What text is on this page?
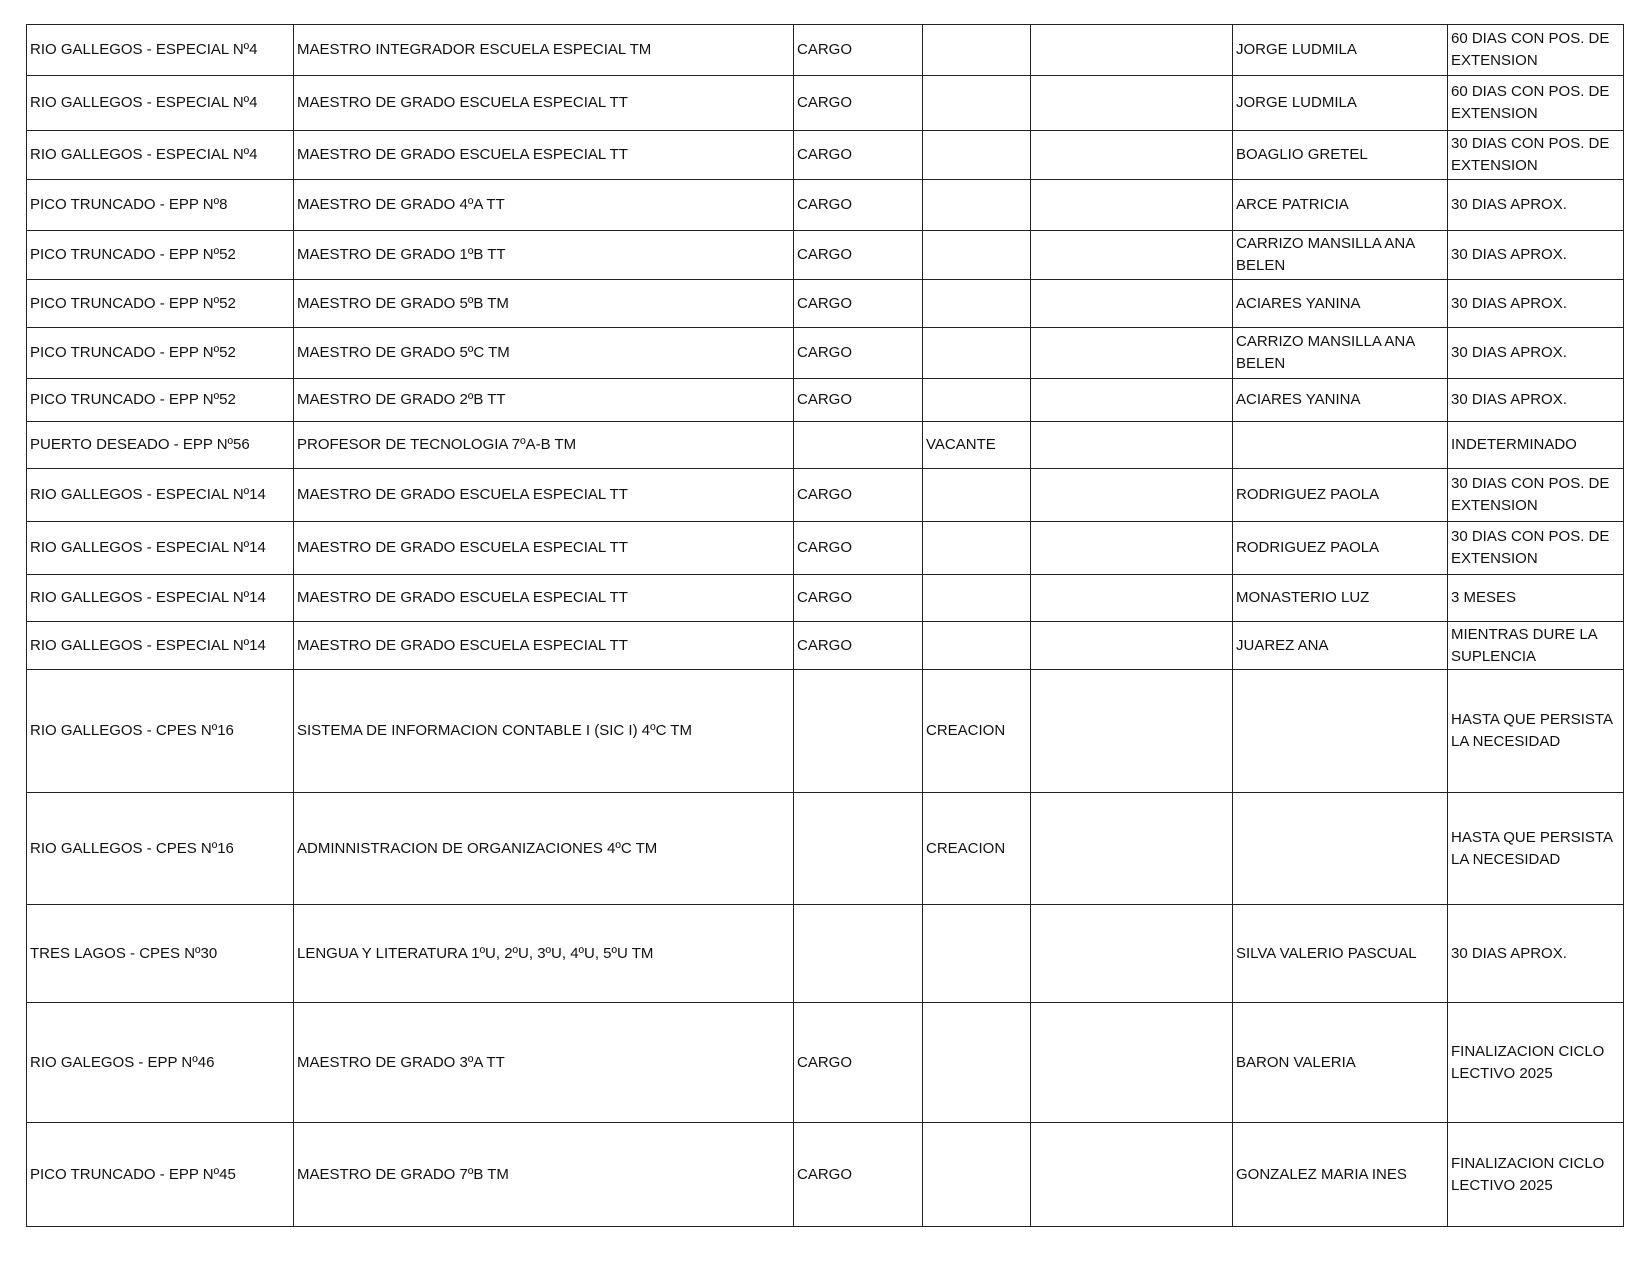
RIO GALLEGOS - ESPECIAL Nº4	MAESTRO INTEGRADOR ESCUELA ESPECIAL TM	CARGO			JORGE LUDMILA	60 DIAS CON POS. DE EXTENSION
RIO GALLEGOS - ESPECIAL Nº4	MAESTRO DE GRADO ESCUELA ESPECIAL TT	CARGO			JORGE LUDMILA	60 DIAS CON POS. DE EXTENSION
RIO GALLEGOS - ESPECIAL Nº4	MAESTRO DE GRADO ESCUELA ESPECIAL TT	CARGO			BOAGLIO GRETEL	30 DIAS CON POS. DE EXTENSION
PICO TRUNCADO - EPP Nº8	MAESTRO DE GRADO 4ºA TT	CARGO			ARCE PATRICIA	30 DIAS APROX.
PICO TRUNCADO - EPP Nº52	MAESTRO DE GRADO 1ºB TT	CARGO			CARRIZO MANSILLA ANA BELEN	30 DIAS APROX.
PICO TRUNCADO - EPP Nº52	MAESTRO DE GRADO 5ºB TM	CARGO			ACIARES YANINA	30 DIAS APROX.
PICO TRUNCADO - EPP Nº52	MAESTRO DE GRADO 5ºC TM	CARGO			CARRIZO MANSILLA ANA BELEN	30 DIAS APROX.
PICO TRUNCADO - EPP Nº52	MAESTRO DE GRADO 2ºB TT	CARGO			ACIARES YANINA	30 DIAS APROX.
PUERTO DESEADO - EPP Nº56	PROFESOR DE TECNOLOGIA 7ºA-B TM		VACANTE			INDETERMINADO
RIO GALLEGOS - ESPECIAL Nº14	MAESTRO DE GRADO ESCUELA ESPECIAL TT	CARGO			RODRIGUEZ PAOLA	30 DIAS CON POS. DE EXTENSION
RIO GALLEGOS - ESPECIAL Nº14	MAESTRO DE GRADO ESCUELA ESPECIAL TT	CARGO			RODRIGUEZ PAOLA	30 DIAS CON POS. DE EXTENSION
RIO GALLEGOS - ESPECIAL Nº14	MAESTRO DE GRADO ESCUELA ESPECIAL TT	CARGO			MONASTERIO LUZ	3 MESES
RIO GALLEGOS - ESPECIAL Nº14	MAESTRO DE GRADO ESCUELA ESPECIAL TT	CARGO			JUAREZ ANA	MIENTRAS DURE LA SUPLENCIA
RIO GALLEGOS - CPES Nº16	SISTEMA DE INFORMACION CONTABLE I (SIC I) 4ºC TM		CREACION			HASTA QUE PERSISTA LA NECESIDAD
RIO GALLEGOS - CPES Nº16	ADMINNISTRACION DE ORGANIZACIONES 4ºC TM		CREACION			HASTA QUE PERSISTA LA NECESIDAD
TRES LAGOS - CPES Nº30	LENGUA Y LITERATURA 1ºU, 2ºU, 3ºU, 4ºU, 5ºU TM				SILVA VALERIO PASCUAL	30 DIAS APROX.
RIO GALEGOS - EPP Nº46	MAESTRO DE GRADO 3ºA TT	CARGO			BARON VALERIA	FINALIZACION CICLO LECTIVO 2025
PICO TRUNCADO - EPP Nº45	MAESTRO DE GRADO 7ºB TM	CARGO			GONZALEZ MARIA INES	FINALIZACION CICLO LECTIVO 2025
